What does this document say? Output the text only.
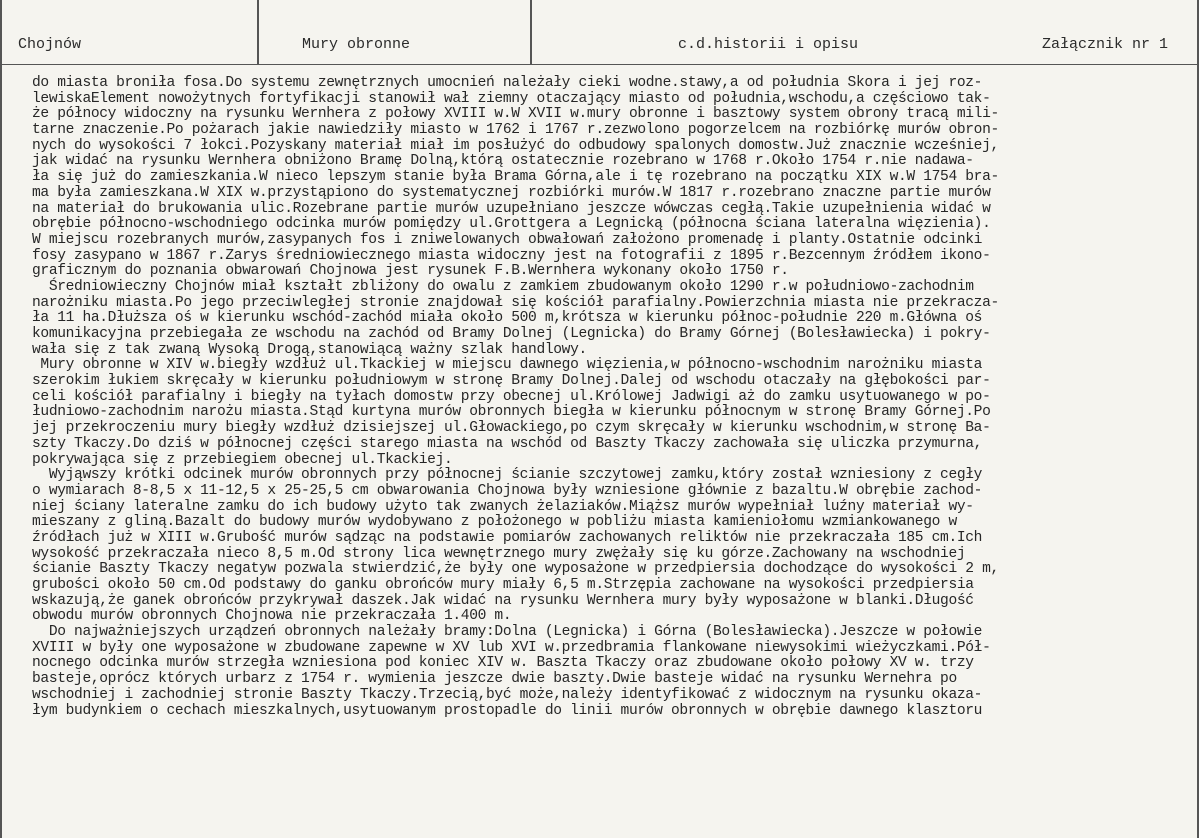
Chojnów	Mury obronne	c.d.historii i opisu	Załącznik nr 1
do miasta broniła fosa.Do systemu zewnętrznych umocnień należały cieki wodne.stawy,a od południa Skora i jej roz-
lewiskaElement nowożytnych fortyfikacji stanowił wał ziemny otaczający miasto od południa,wschodu,a częściowo tak-
że północy widoczny na rysunku Wernhera z połowy XVIII w.W XVII w.mury obronne i basztowy system obrony tracą mili-
tarne znaczenie.Po pożarach jakie nawiedziły miasto w 1762 i 1767 r.zezwolono pogorzelcem na rozbiórkę murów obron-
nych do wysokości 7 łokci.Pozyskany materiał miał im posłużyć do odbudowy spalonych domostw.Już znacznie wcześniej,
jak widać na rysunku Wernhera obniżono Bramę Dolną,którą ostatecznie rozebrano w 1768 r.Około 1754 r.nie nadawa-
ła się już do zamieszkania.W nieco lepszym stanie była Brama Górna,ale i tę rozebrano na początku XIX w.W 1754 bra-
ma była zamieszkana.W XIX w.przystąpiono do systematycznej rozbiórki murów.W 1817 r.rozebrano znaczne partie murów
na materiał do brukowania ulic.Rozebrane partie murów uzupełniano jeszcze wówczas cegłą.Takie uzupełnienia widać w
obrębie północno-wschodniego odcinka murów pomiędzy ul.Grottgera a Legnicką (północna ściana lateralna więzienia).
W miejscu rozebranych murów,zasypanych fos i zniwelowanych obwałowań założono promenadę i planty.Ostatnie odcinki
fosy zasypano w 1867 r.Zarys średniowiecznego miasta widoczny jest na fotografii z 1895 r.Bezcennym źródłem ikono-
graficznym do poznania obwarowań Chojnowa jest rysunek F.B.Wernhera wykonany około 1750 r.
Średniowieczny Chojnów miał kształt zbliżony do owalu z zamkiem zbudowanym około 1290 r.w południowo-zachodnim
narożniku miasta.Po jego przeciwległej stronie znajdował się kościół parafialny.Powierzchnia miasta nie przekracza-
ła 11 ha.Dłuższa oś w kierunku wschód-zachód miała około 500 m,krótsza w kierunku północ-południe 220 m.Główna oś
komunikacyjna przebiegała ze wschodu na zachód od Bramy Dolnej (Legnicka) do Bramy Górnej (Bolesławiecka) i pokry-
wała się z tak zwaną Wysoką Drogą,stanowiącą ważny szlak handlowy.
Mury obronne w XIV w.biegły wzdłuż ul.Tkackiej w miejscu dawnego więzienia,w północno-wschodnim narożniku miasta
szerokim łukiem skręcały w kierunku południowym w stronę Bramy Dolnej.Dalej od wschodu otaczały na głębokości par-
celi kościół parafialny i biegły na tyłach domostw przy obecnej ul.Królowej Jadwigi aż do zamku usytuowanego w po-
łudniowo-zachodnim narożu miasta.Stąd kurtyna murów obronnych biegła w kierunku północnym w stronę Bramy Górnej.Po
jej przekroczeniu mury biegły wzdłuż dzisiejszej ul.Głowackiego,po czym skręcały w kierunku wschodnim,w stronę Ba-
szty Tkaczy.Do dziś w północnej części starego miasta na wschód od Baszty Tkaczy zachowała się uliczka przymurna,
pokrywająca się z przebiegiem obecnej ul.Tkackiej.
Wyjąwszy krótki odcinek murów obronnych przy północnej ścianie szczytowej zamku,który został wzniesiony z cegły
o wymiarach 8-8,5 x 11-12,5 x 25-25,5 cm obwarowania Chojnowa były wzniesione głównie z bazaltu.W obrębie zachod-
niej ściany lateralne zamku do ich budowy użyto tak zwanych żelaziaków.Miąższ murów wypełniał luźny materiał wy-
mieszany z gliną.Bazalt do budowy murów wydobywano z położonego w pobliżu miasta kamieniołomu wzmiankowanego w
źródłach już w XIII w.Grubość murów sądząc na podstawie pomiarów zachowanych reliktów nie przekraczała 185 cm.Ich
wysokość przekraczała nieco 8,5 m.Od strony lica wewnętrznego mury zwężały się ku górze.Zachowany na wschodniej
ścianie Baszty Tkaczy negatyw pozwala stwierdzić,że były one wyposażone w przedpiersia dochodzące do wysokości 2 m,
grubości około 50 cm.Od podstawy do ganku obrońców mury miały 6,5 m.Strzępia zachowane na wysokości przedpiersia
wskazują,że ganek obrońców przykrywał daszek.Jak widać na rysunku Wernhera mury były wyposażone w blanki.Długość
obwodu murów obronnych Chojnowa nie przekraczała 1.400 m.
Do najważniejszych urządzeń obronnych należały bramy:Dolna (Legnicka) i Górna (Bolesławiecka).Jeszcze w połowie
XVIII w były one wyposażone w zbudowane zapewne w XV lub XVI w.przedbramia flankowane niewysokimi wieżyczkami.Pół-
nocnego odcinka murów strzegła wzniesiona pod koniec XIV w. Baszta Tkaczy oraz zbudowane około połowy XV w. trzy
basteje,oprócz których urbarz z 1754 r. wymienia jeszcze dwie baszty.Dwie basteje widać na rysunku Wernehra po
wschodniej i zachodniej stronie Baszty Tkaczy.Trzecią,być może,należy identyfikować z widocznym na rysunku okaza-
łym budynkiem o cechach mieszkalnych,usytuowanym prostopadle do linii murów obronnych w obrębie dawnego klasztoru
